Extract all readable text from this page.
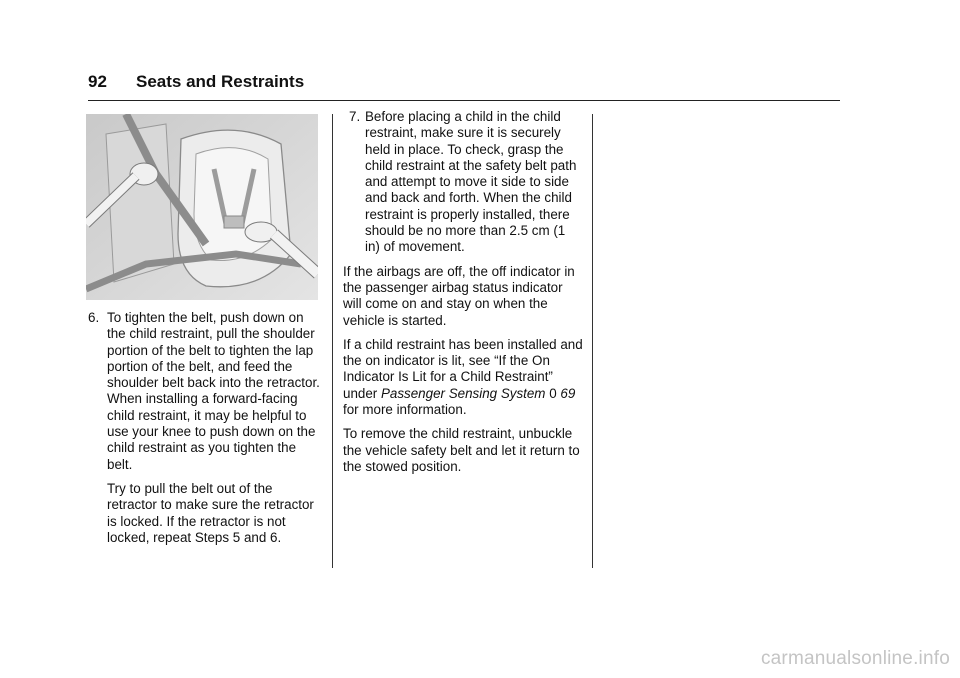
92 Seats and Restraints
6. To tighten the belt, push down on the child restraint, pull the shoulder portion of the belt to tighten the lap portion of the belt, and feed the shoulder belt back into the retractor. When installing a forward-facing child restraint, it may be helpful to use your knee to push down on the child restraint as you tighten the belt.
Try to pull the belt out of the retractor to make sure the retractor is locked. If the retractor is not locked, repeat Steps 5 and 6.
7. Before placing a child in the child restraint, make sure it is securely held in place. To check, grasp the child restraint at the safety belt path and attempt to move it side to side and back and forth. When the child restraint is properly installed, there should be no more than 2.5 cm (1 in) of movement.

If the airbags are off, the off indicator in the passenger airbag status indicator will come on and stay on when the vehicle is started.

If a child restraint has been installed and the on indicator is lit, see “If the On Indicator Is Lit for a Child Restraint” under Passenger Sensing System 0 69 for more information.

To remove the child restraint, unbuckle the vehicle safety belt and let it return to the stowed position.

carmanualsonline.info
